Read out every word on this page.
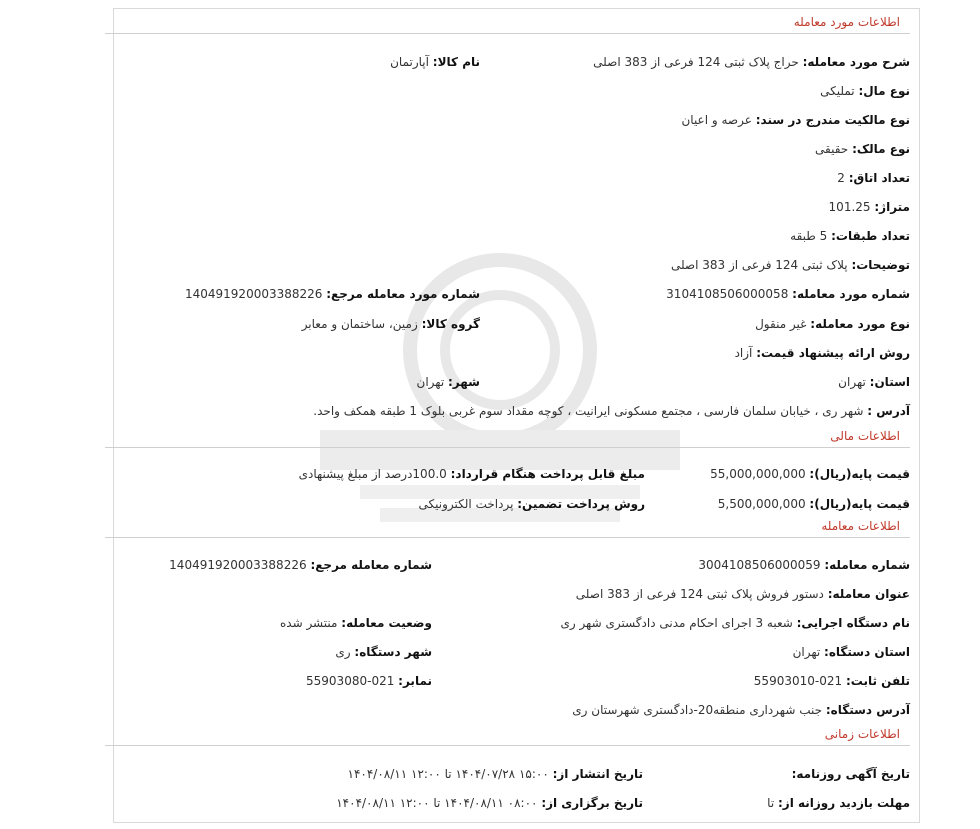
اطلاعات مورد معامله
شرح مورد معامله: حراج پلاک ثبتی 124 فرعی از 383 اصلی
نام کالا: آپارتمان
نوع مال: تملیکی
نوع مالکیت مندرج در سند: عرصه و اعیان
نوع مالک: حقیقی
تعداد اتاق: 2
متراژ: 101.25
تعداد طبقات: 5 طبقه
توضیحات: پلاک ثبتی 124 فرعی از 383 اصلی
شماره مورد معامله: 3104108506000058
شماره مورد معامله مرجع: 140491920003388226
نوع مورد معامله: غیر منقول
گروه کالا: زمین، ساختمان و معابر
روش ارائه پیشنهاد قیمت: آزاد
استان: تهران
شهر: تهران
آدرس : شهر ری ، خیابان سلمان فارسی ، مجتمع مسکونی ایرانیت ، کوچه مقداد سوم غربی بلوک 1 طبقه همکف واحد.
اطلاعات مالی
قیمت پایه(ریال): 55,000,000,000
مبلغ قابل پرداخت هنگام قرارداد: 100.0درصد از مبلغ پیشنهادی
قیمت پایه(ریال): 5,500,000,000
روش پرداخت تضمین: پرداخت الکترونیکی
اطلاعات معامله
شماره معامله: 3004108506000059
شماره معامله مرجع: 140491920003388226
عنوان معامله: دستور فروش پلاک ثبتی 124 فرعی از 383 اصلی
نام دستگاه اجرایی: شعبه 3 اجرای احکام مدنی دادگستری شهر ری
وضعیت معامله: منتشر شده
استان دستگاه: تهران
شهر دستگاه: ری
تلفن ثابت: 021-55903010
نمابر: 021-55903080
آدرس دستگاه: جنب شهرداری منطقه20-دادگستری شهرستان ری
اطلاعات زمانی
تاریخ آگهی روزنامه:
تاریخ انتشار از: ۱۵:۰۰ ۱۴۰۴/۰۷/۲۸ تا ۱۲:۰۰ ۱۴۰۴/۰۸/۱۱
مهلت بازدید روزانه از: تا
تاریخ برگزاری از: ۰۸:۰۰ ۱۴۰۴/۰۸/۱۱ تا ۱۲:۰۰ ۱۴۰۴/۰۸/۱۱
